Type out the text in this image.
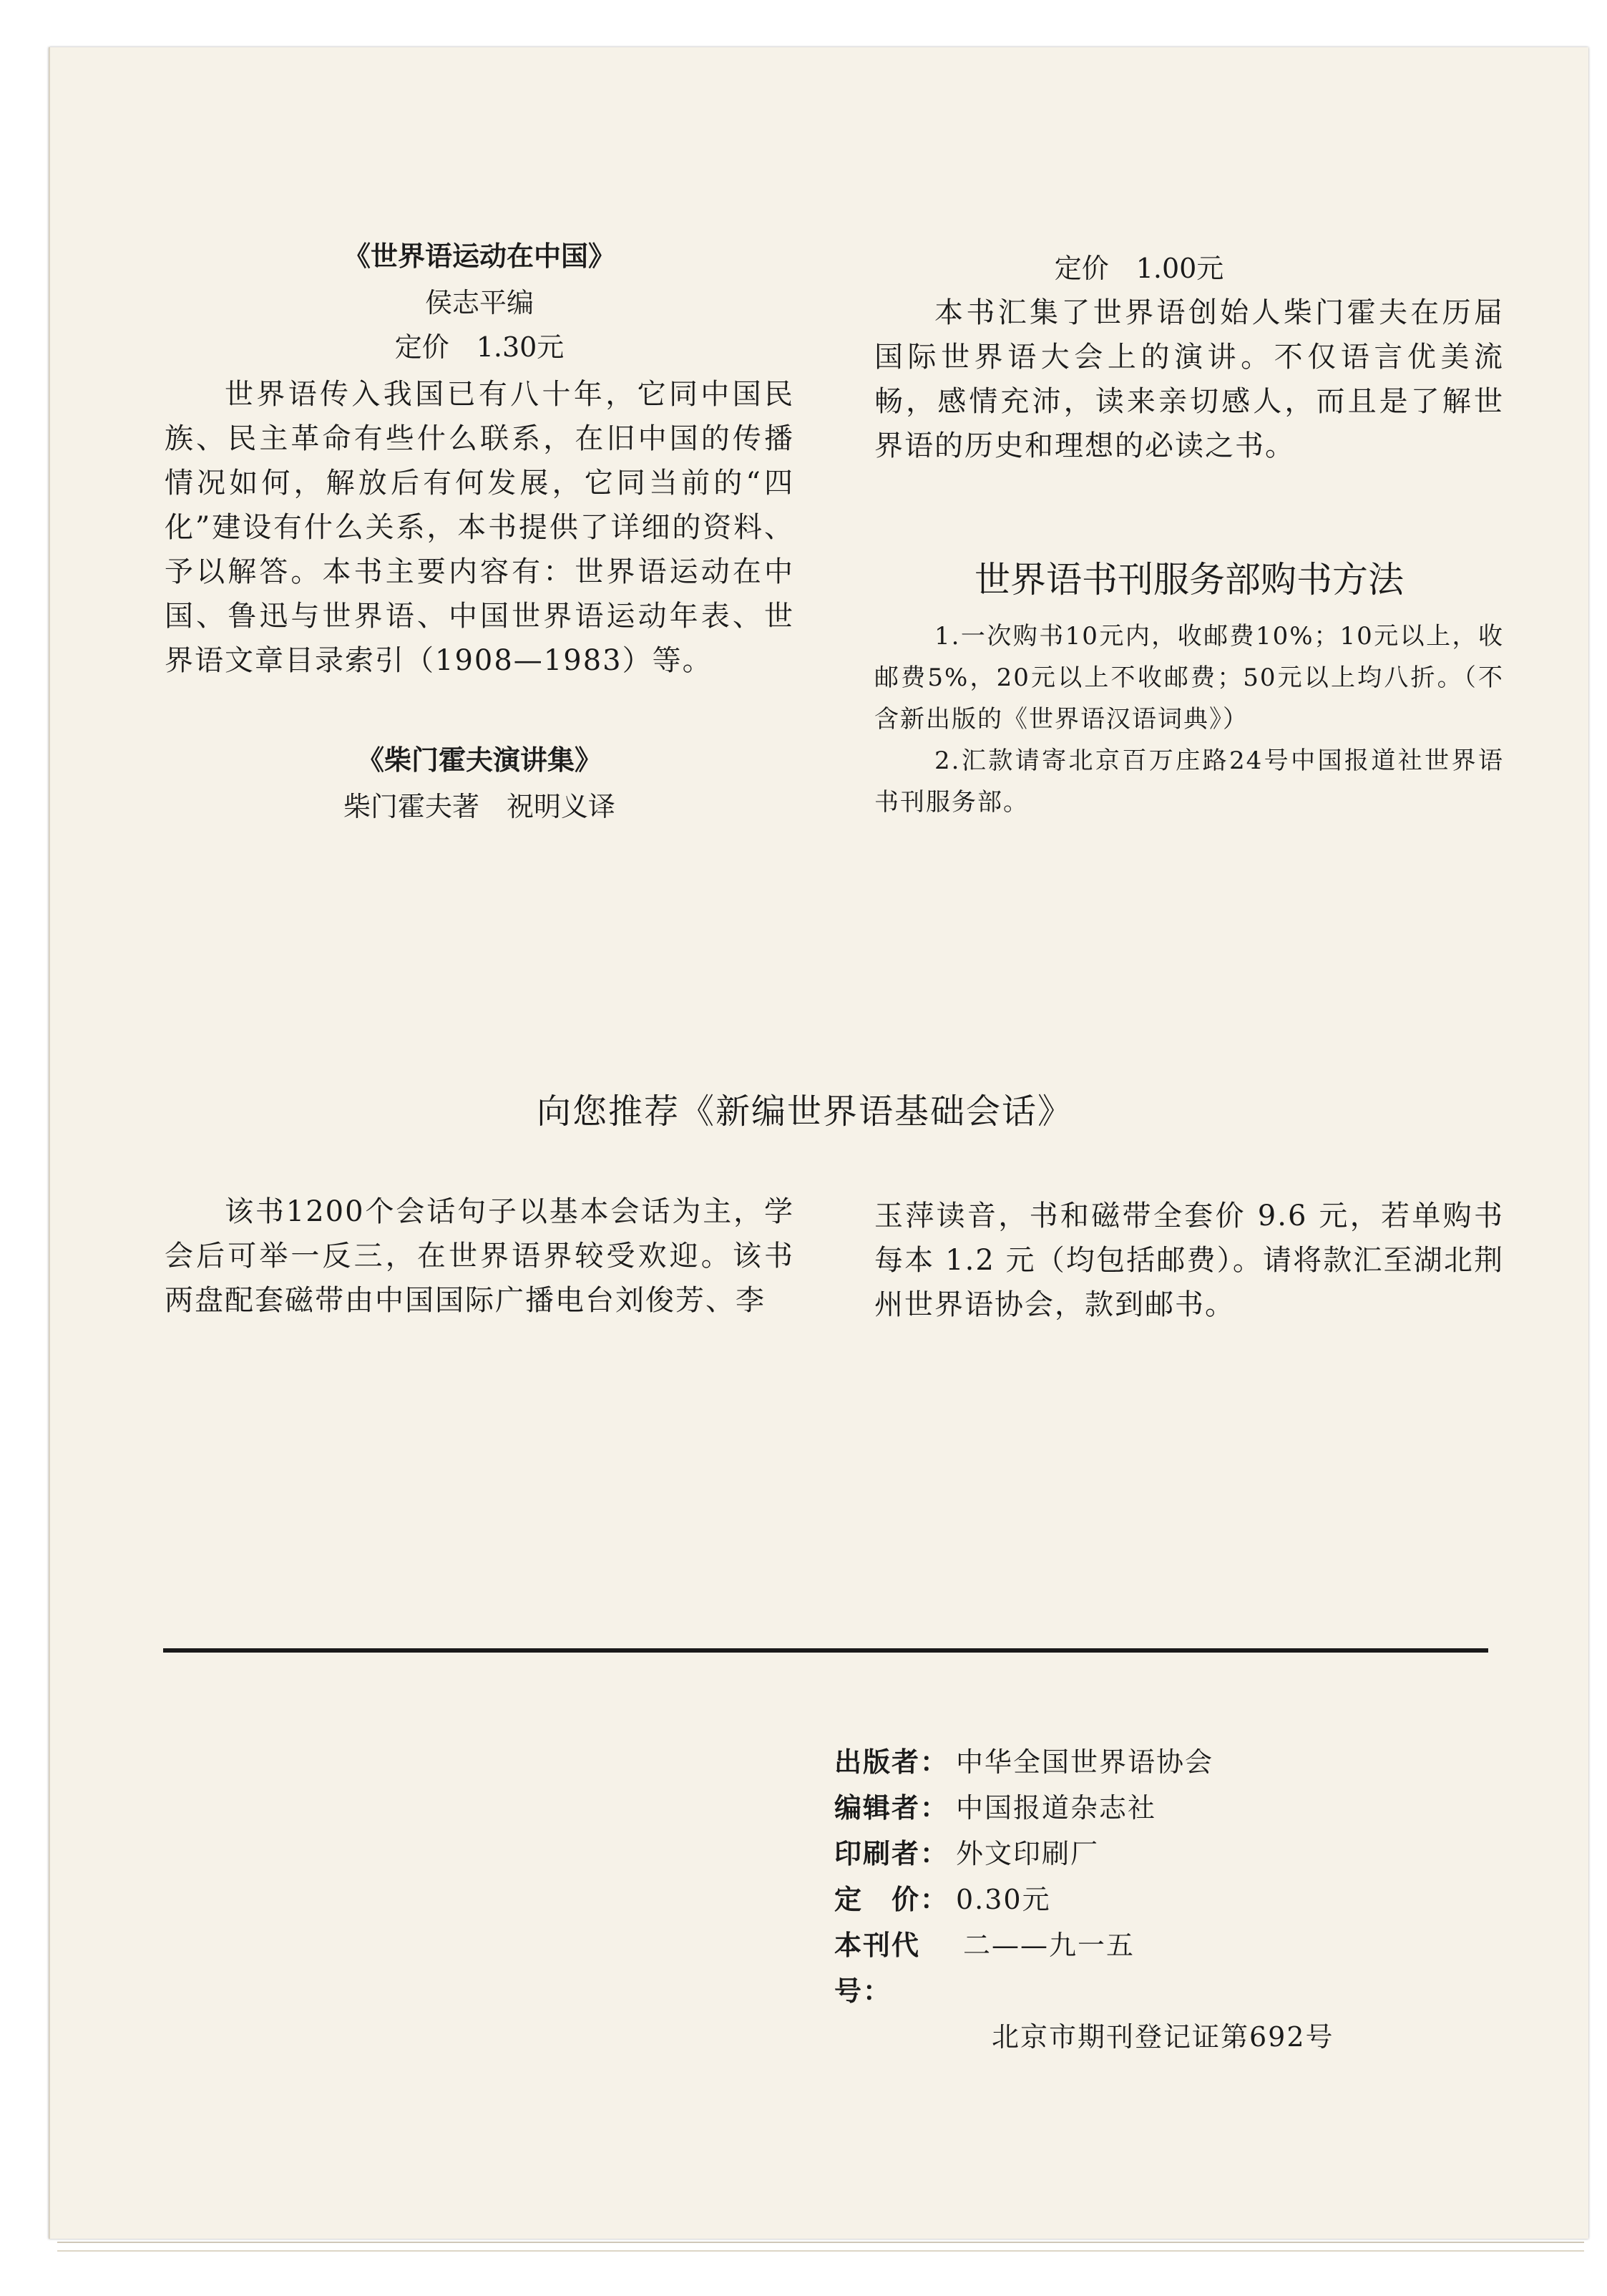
《世界语运动在中国》

侯志平编

定价　1.30元

世界语传入我国已有八十年，它同中国民族、民主革命有些什么联系，在旧中国的传播情况如何，解放后有何发展，它同当前的“四化”建设有什么关系，本书提供了详细的资料、予以解答。本书主要内容有：世界语运动在中国、鲁迅与世界语、中国世界语运动年表、世界语文章目录索引（1908—1983）等。

《柴门霍夫演讲集》

柴门霍夫著　祝明义译

定价　1.00元

本书汇集了世界语创始人柴门霍夫在历届国际世界语大会上的演讲。不仅语言优美流畅，感情充沛，读来亲切感人，而且是了解世界语的历史和理想的必读之书。

世界语书刊服务部购书方法

1.一次购书10元内，收邮费10%；10元以上，收邮费5%，20元以上不收邮费；50元以上均八折。（不含新出版的《世界语汉语词典》）

2.汇款请寄北京百万庄路24号中国报道社世界语书刊服务部。

向您推荐《新编世界语基础会话》

该书1200个会话句子以基本会话为主，学会后可举一反三，在世界语界较受欢迎。该书两盘配套磁带由中国国际广播电台刘俊芳、李

玉萍读音，书和磁带全套价 9.6 元，若单购书每本 1.2 元（均包括邮费）。请将款汇至湖北荆州世界语协会，款到邮书。

出版者： 中华全国世界语协会
编辑者： 中国报道杂志社
印刷者： 外文印刷厂
定　价： 0.30元
本刊代号：
二——九一五
北京市期刊登记证第692号
